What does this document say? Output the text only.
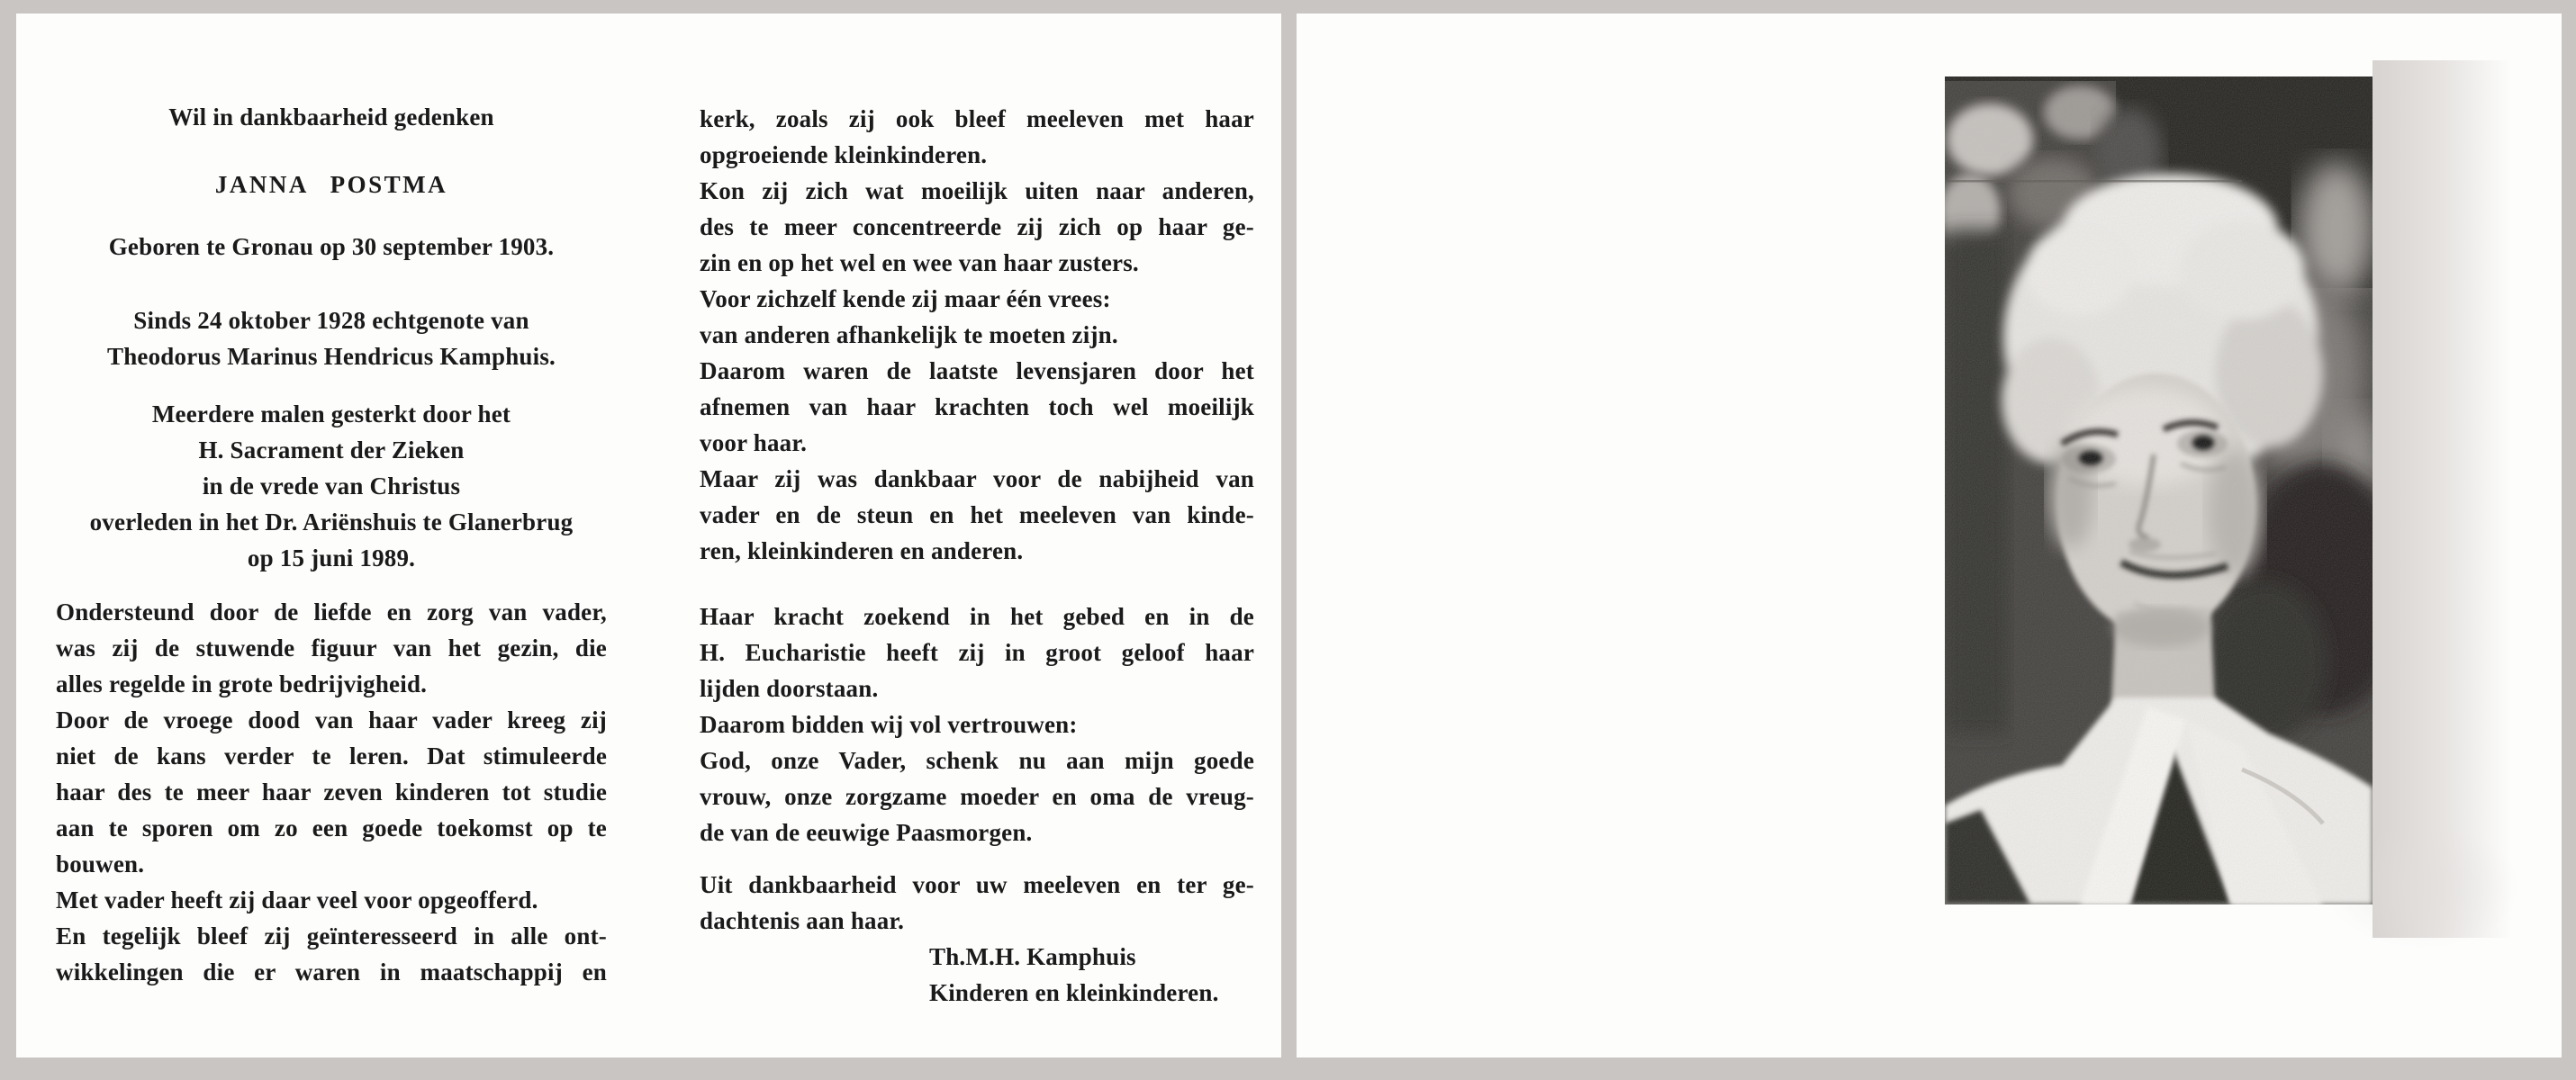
Wil in dankbaarheid gedenken
JANNA POSTMA
Geboren te Gronau op 30 september 1903.
Sinds 24 oktober 1928 echtgenote van
Theodorus Marinus Hendricus Kamphuis.
Meerdere malen gesterkt door het
H. Sacrament der Zieken
in de vrede van Christus
overleden in het Dr. Ariënshuis te Glanerbrug
op 15 juni 1989.
Ondersteund door de liefde en zorg van vader,
was zij de stuwende figuur van het gezin, die
alles regelde in grote bedrijvigheid.
Door de vroege dood van haar vader kreeg zij
niet de kans verder te leren. Dat stimuleerde
haar des te meer haar zeven kinderen tot studie
aan te sporen om zo een goede toekomst op te
bouwen.
Met vader heeft zij daar veel voor opgeofferd.
En tegelijk bleef zij geïnteresseerd in alle ont-
wikkelingen die er waren in maatschappij en
kerk, zoals zij ook bleef meeleven met haar
opgroeiende kleinkinderen.
Kon zij zich wat moeilijk uiten naar anderen,
des te meer concentreerde zij zich op haar ge-
zin en op het wel en wee van haar zusters.
Voor zichzelf kende zij maar één vrees:
van anderen afhankelijk te moeten zijn.
Daarom waren de laatste levensjaren door het
afnemen van haar krachten toch wel moeilijk
voor haar.
Maar zij was dankbaar voor de nabijheid van
vader en de steun en het meeleven van kinde-
ren, kleinkinderen en anderen.
Haar kracht zoekend in het gebed en in de
H. Eucharistie heeft zij in groot geloof haar
lijden doorstaan.
Daarom bidden wij vol vertrouwen:
God, onze Vader, schenk nu aan mijn goede
vrouw, onze zorgzame moeder en oma de vreug-
de van de eeuwige Paasmorgen.
Uit dankbaarheid voor uw meeleven en ter ge-
dachtenis aan haar.
Th.M.H. Kamphuis
Kinderen en kleinkinderen.
